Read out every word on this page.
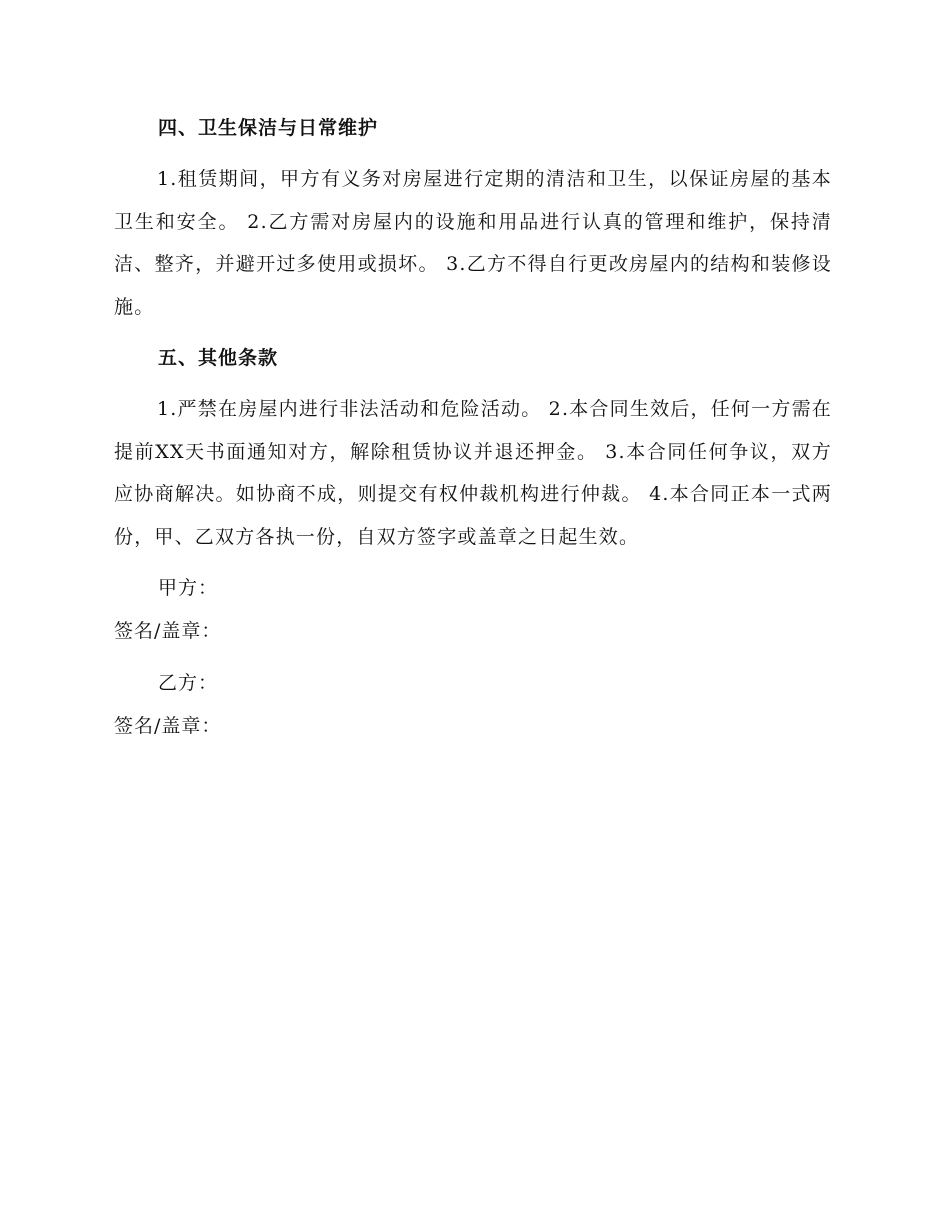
四、卫生保洁与日常维护

1.租赁期间，甲方有义务对房屋进行定期的清洁和卫生，以保证房屋的基本卫生和安全。 2.乙方需对房屋内的设施和用品进行认真的管理和维护，保持清洁、整齐，并避开过多使用或损坏。 3.乙方不得自行更改房屋内的结构和装修设施。

五、其他条款

1.严禁在房屋内进行非法活动和危险活动。 2.本合同生效后，任何一方需在提前XX天书面通知对方，解除租赁协议并退还押金。 3.本合同任何争议，双方应协商解决。如协商不成，则提交有权仲裁机构进行仲裁。 4.本合同正本一式两份，甲、乙双方各执一份，自双方签字或盖章之日起生效。

甲方：
签名/盖章：
乙方：
签名/盖章：
